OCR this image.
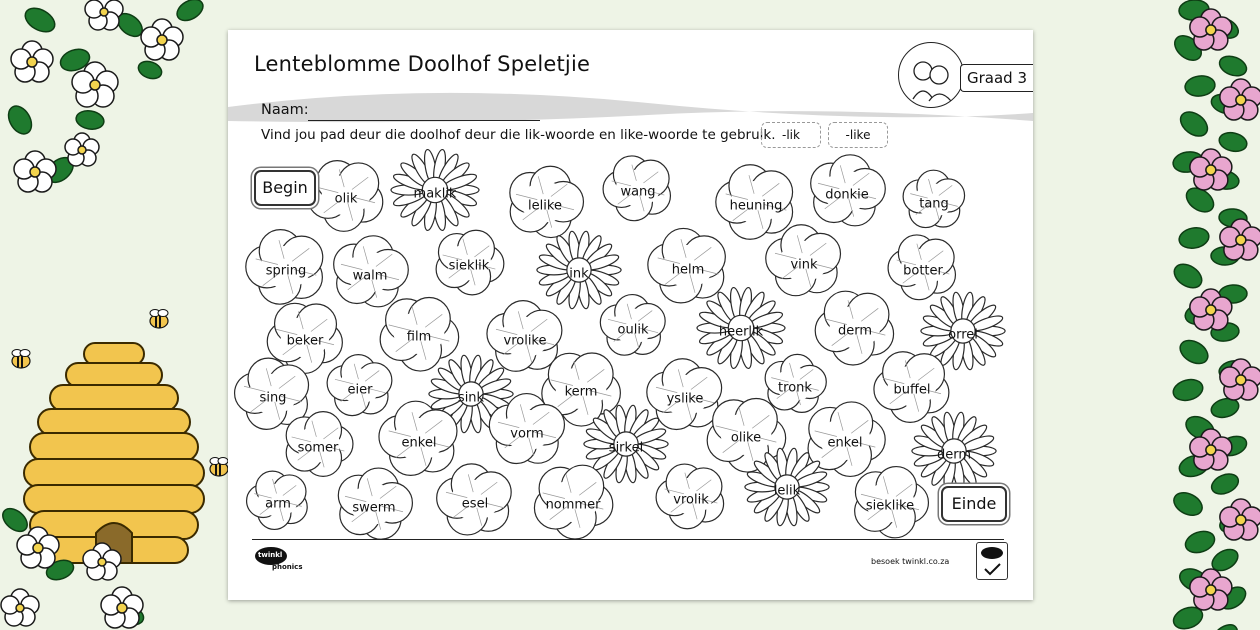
Lenteblomme Doolhof Speletjie
Graad 3
Naam:
Vind jou pad deur die doolhof deur die lik-woorde en like-woorde te gebruik. -lik	-like
olik	maklik
lelike
wang
heuning
donkie
tang
spring	walm
sieklik
ink	helm	vink	botter
beker	film	vrolike
oulik	heerlik	derm	orrel
sing
eier
sink	kerm	yslike
tronk	buffel
somer	enkel
vorm
sirkel
olike	enkel
derm
arm	swerm	esel	nommer	vrolik
lelik
sieklike
Begin
Einde
twinkl
phonics
besoek twinkl.co.za
